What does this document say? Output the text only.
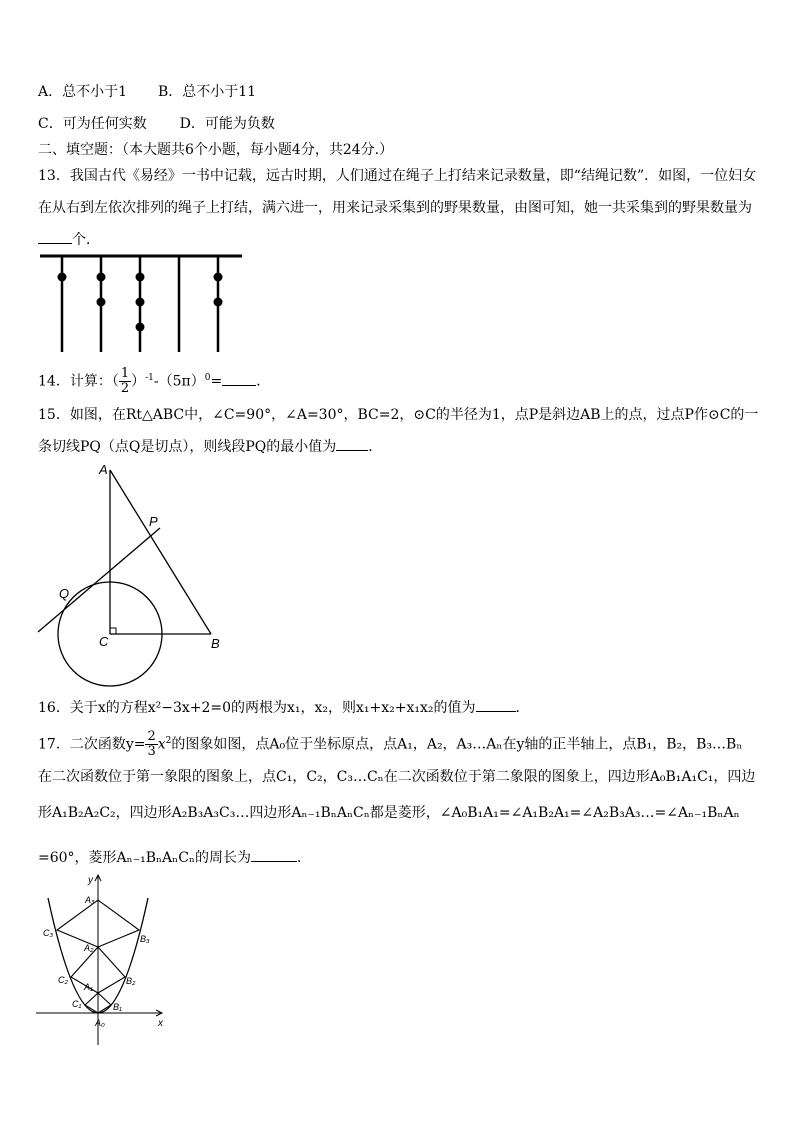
A．总不小于1 B．总不小于11
C．可为任何实数 D．可能为负数
二、填空题：（本大题共6个小题，每小题4分，共24分.）
13．我国古代《易经》一书中记载，远古时期，人们通过在绳子上打结来记录数量，即“结绳记数”．如图，一位妇女
在从右到左依次排列的绳子上打结，满六进一，用来记录采集到的野果数量，由图可知，她一共采集到的野果数量为
个．
14．计算：（ $\frac{1}{2} )^{-1}-(5\pi)^0=$ ．
15．如图，在Rt△ABC中，∠C=90°，∠A=30°，BC=2，⊙C的半径为1，点P是斜边AB上的点，过点P作⊙C的一
条切线PQ（点Q是切点），则线段PQ的最小值为 ．
A
B
C
P
Q
16．关于x的方程x²−3x+2=0的两根为x₁，x₂，则x₁+x₂+x₁x₂的值为	．
17．二次函数$y= \frac{2}{3} x^2$的图象如图，点A₀位于坐标原点，点A₁，A₂，A₃…Aₙ在y轴的正半轴上，点B₁，B₂，B₃…Bₙ
在二次函数位于第一象限的图象上，点C₁，C₂，C₃…Cₙ在二次函数位于第二象限的图象上，四边形A₀B₁A₁C₁，四边
形A₁B₂A₂C₂，四边形A₂B₃A₃C₃…四边形Aₙ₋₁BₙAₙCₙ都是菱形，∠A₀B₁A₁=∠A₁B₂A₁=∠A₂B₃A₃…=∠Aₙ₋₁BₙAₙ
=60°，菱形Aₙ₋₁BₙAₙCₙ的周长为	．
y
x
A₀
A₁
A₂
A₃
B₁
B₂
B₃
C₁
C₂
C₃
